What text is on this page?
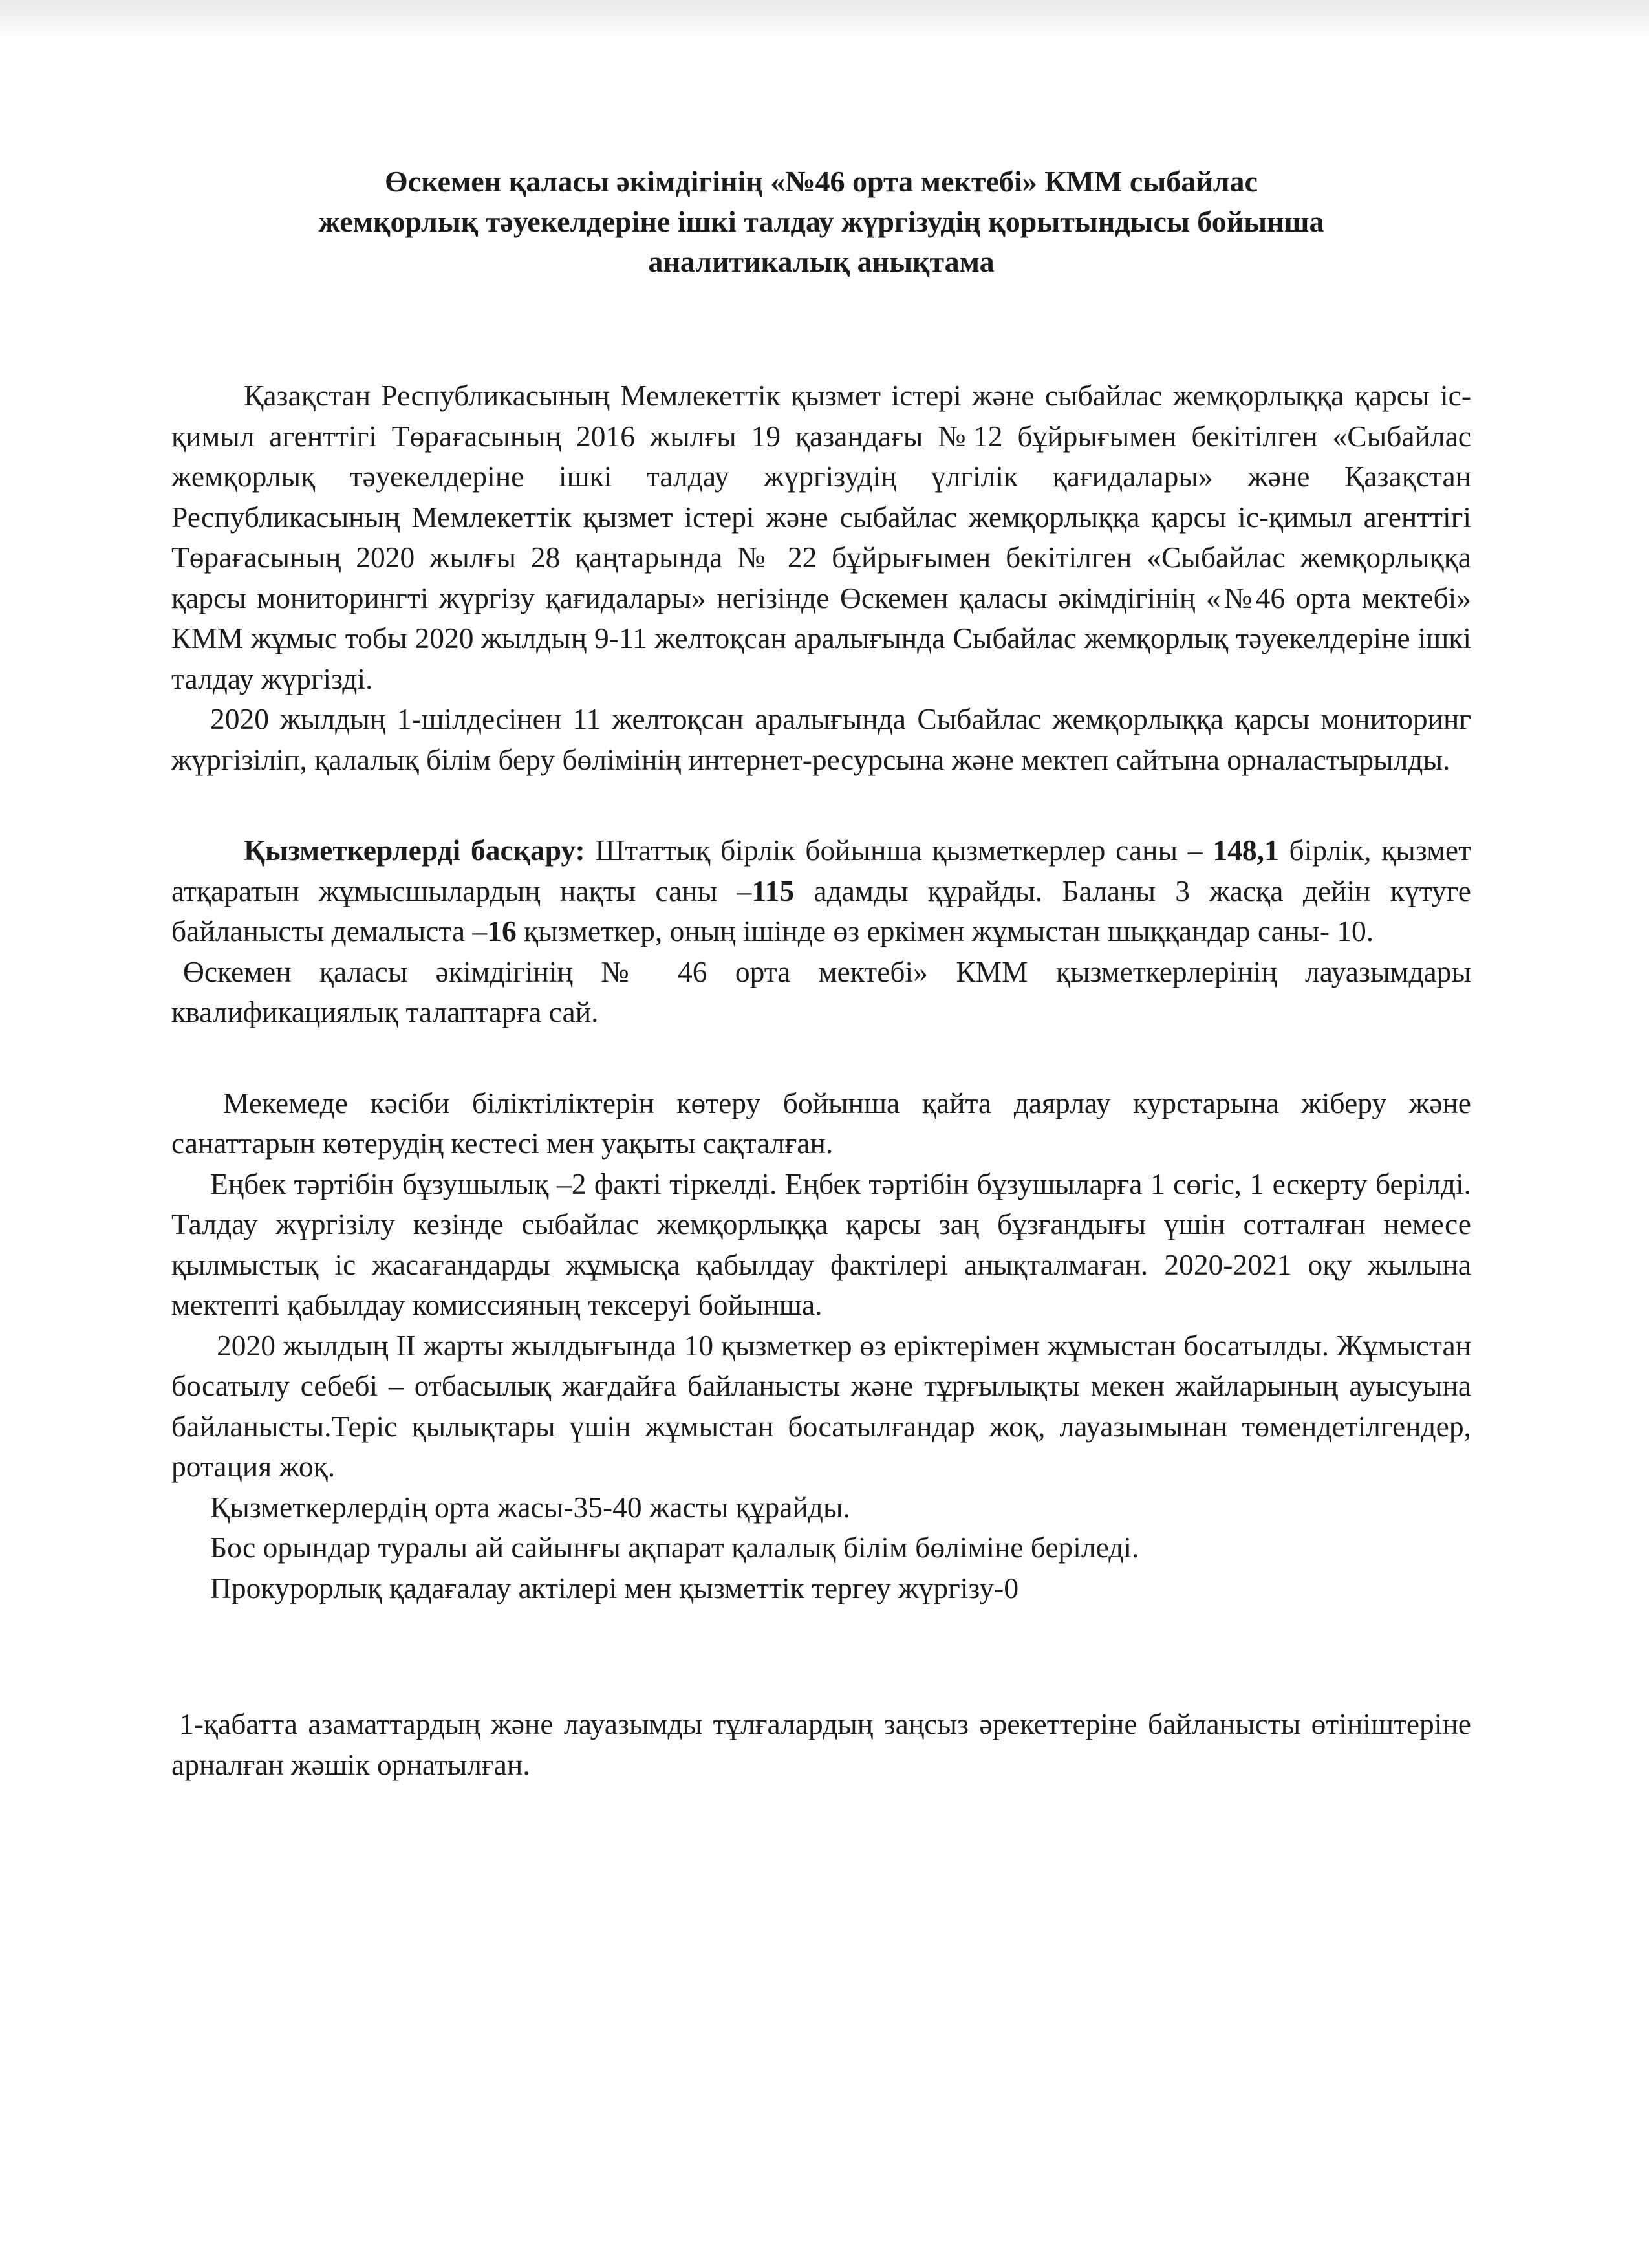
Өскемен қаласы әкімдігінің «№46 орта мектебі» КММ сыбайлас
жемқорлық тәуекелдеріне ішкі талдау жүргізудің қорытындысы бойынша
аналитикалық анықтама

Қазақстан Республикасының Мемлекеттік қызмет істері және сыбайлас жемқорлыққа қарсы іс-қимыл агенттігі Төрағасының 2016 жылғы 19 қазандағы №12 бұйрығымен бекітілген «Сыбайлас жемқорлық тәуекелдеріне ішкі талдау жүргізудің үлгілік қағидалары» және Қазақстан Республикасының Мемлекеттік қызмет істері және сыбайлас жемқорлыққа қарсы іс-қимыл агенттігі Төрағасының 2020 жылғы 28 қаңтарында № 22 бұйрығымен бекітілген «Сыбайлас жемқорлыққа қарсы мониторингті жүргізу қағидалары» негізінде Өскемен қаласы әкімдігінің «№46 орта мектебі» КММ жұмыс тобы 2020 жылдың 9-11 желтоқсан аралығында Сыбайлас жемқорлық тәуекелдеріне ішкі талдау жүргізді.

2020 жылдың 1-шілдесінен 11 желтоқсан аралығында Сыбайлас жемқорлыққа қарсы мониторинг жүргізіліп, қалалық білім беру бөлімінің интернет-ресурсына және мектеп сайтына орналастырылды.

Қызметкерлерді басқару: Штаттық бірлік бойынша қызметкерлер саны – 148,1 бірлік, қызмет атқаратын жұмысшылардың нақты саны –115 адамды құрайды. Баланы 3 жасқа дейін күтуге байланысты демалыста –16 қызметкер, оның ішінде өз еркімен жұмыстан шыққандар саны- 10.

Өскемен қаласы әкімдігінің № 46 орта мектебі» КММ қызметкерлерінің лауазымдары квалификациялық талаптарға сай.

Мекемеде кәсіби біліктіліктерін көтеру бойынша қайта даярлау курстарына жіберу және санаттарын көтерудің кестесі мен уақыты сақталған.

Еңбек тәртібін бұзушылық –2 факті тіркелді. Еңбек тәртібін бұзушыларға 1 сөгіс, 1 ескерту берілді. Талдау жүргізілу кезінде сыбайлас жемқорлыққа қарсы заң бұзғандығы үшін сотталған немесе қылмыстық іс жасағандарды жұмысқа қабылдау фактілері анықталмаған. 2020-2021 оқу жылына мектепті қабылдау комиссияның тексеруі бойынша.

2020 жылдың ІІ жарты жылдығында 10 қызметкер өз еріктерімен жұмыстан босатылды. Жұмыстан босатылу себебі – отбасылық жағдайға байланысты және тұрғылықты мекен жайларының ауысуына байланысты.Теріс қылықтары үшін жұмыстан босатылғандар жоқ, лауазымынан төмендетілгендер, ротация жоқ.

Қызметкерлердің орта жасы-35-40 жасты құрайды.

Бос орындар туралы ай сайынғы ақпарат қалалық білім бөліміне беріледі.

Прокурорлық қадағалау актілері мен қызметтік тергеу жүргізу-0

1-қабатта азаматтардың және лауазымды тұлғалардың заңсыз әрекеттеріне байланысты өтініштеріне арналған жәшік орнатылған.
